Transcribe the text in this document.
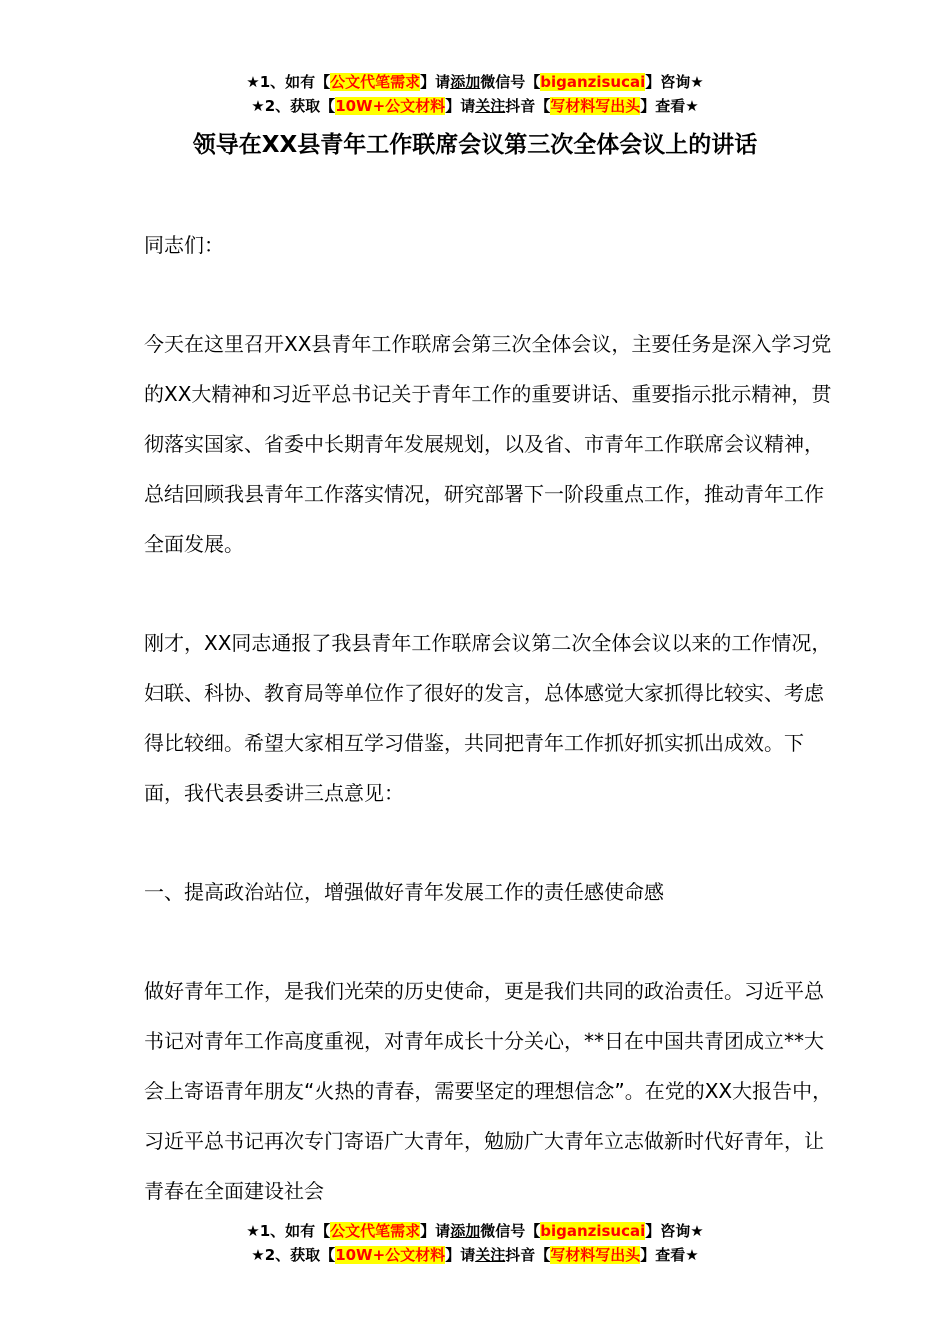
★1、如有【公文代笔需求】请添加微信号【biganzisucai】咨询★
★2、获取【10W+公文材料】请关注抖音【写材料写出头】查看★
领导在XX县青年工作联席会议第三次全体会议上的讲话

同志们：

今天在这里召开XX县青年工作联席会第三次全体会议，主要任务是深入学习党的XX大精神和习近平总书记关于青年工作的重要讲话、重要指示批示精神，贯彻落实国家、省委中长期青年发展规划，以及省、市青年工作联席会议精神，总结回顾我县青年工作落实情况，研究部署下一阶段重点工作，推动青年工作全面发展。

刚才，XX同志通报了我县青年工作联席会议第二次全体会议以来的工作情况，妇联、科协、教育局等单位作了很好的发言，总体感觉大家抓得比较实、考虑得比较细。希望大家相互学习借鉴，共同把青年工作抓好抓实抓出成效。下面，我代表县委讲三点意见：

一、提高政治站位，增强做好青年发展工作的责任感使命感

做好青年工作，是我们光荣的历史使命，更是我们共同的政治责任。习近平总书记对青年工作高度重视，对青年成长十分关心，**日在中国共青团成立**大会上寄语青年朋友“火热的青春，需要坚定的理想信念”。在党的XX大报告中，习近平总书记再次专门寄语广大青年，勉励广大青年立志做新时代好青年，让青春在全面建设社会

★1、如有【公文代笔需求】请添加微信号【biganzisucai】咨询★
★2、获取【10W+公文材料】请关注抖音【写材料写出头】查看★
